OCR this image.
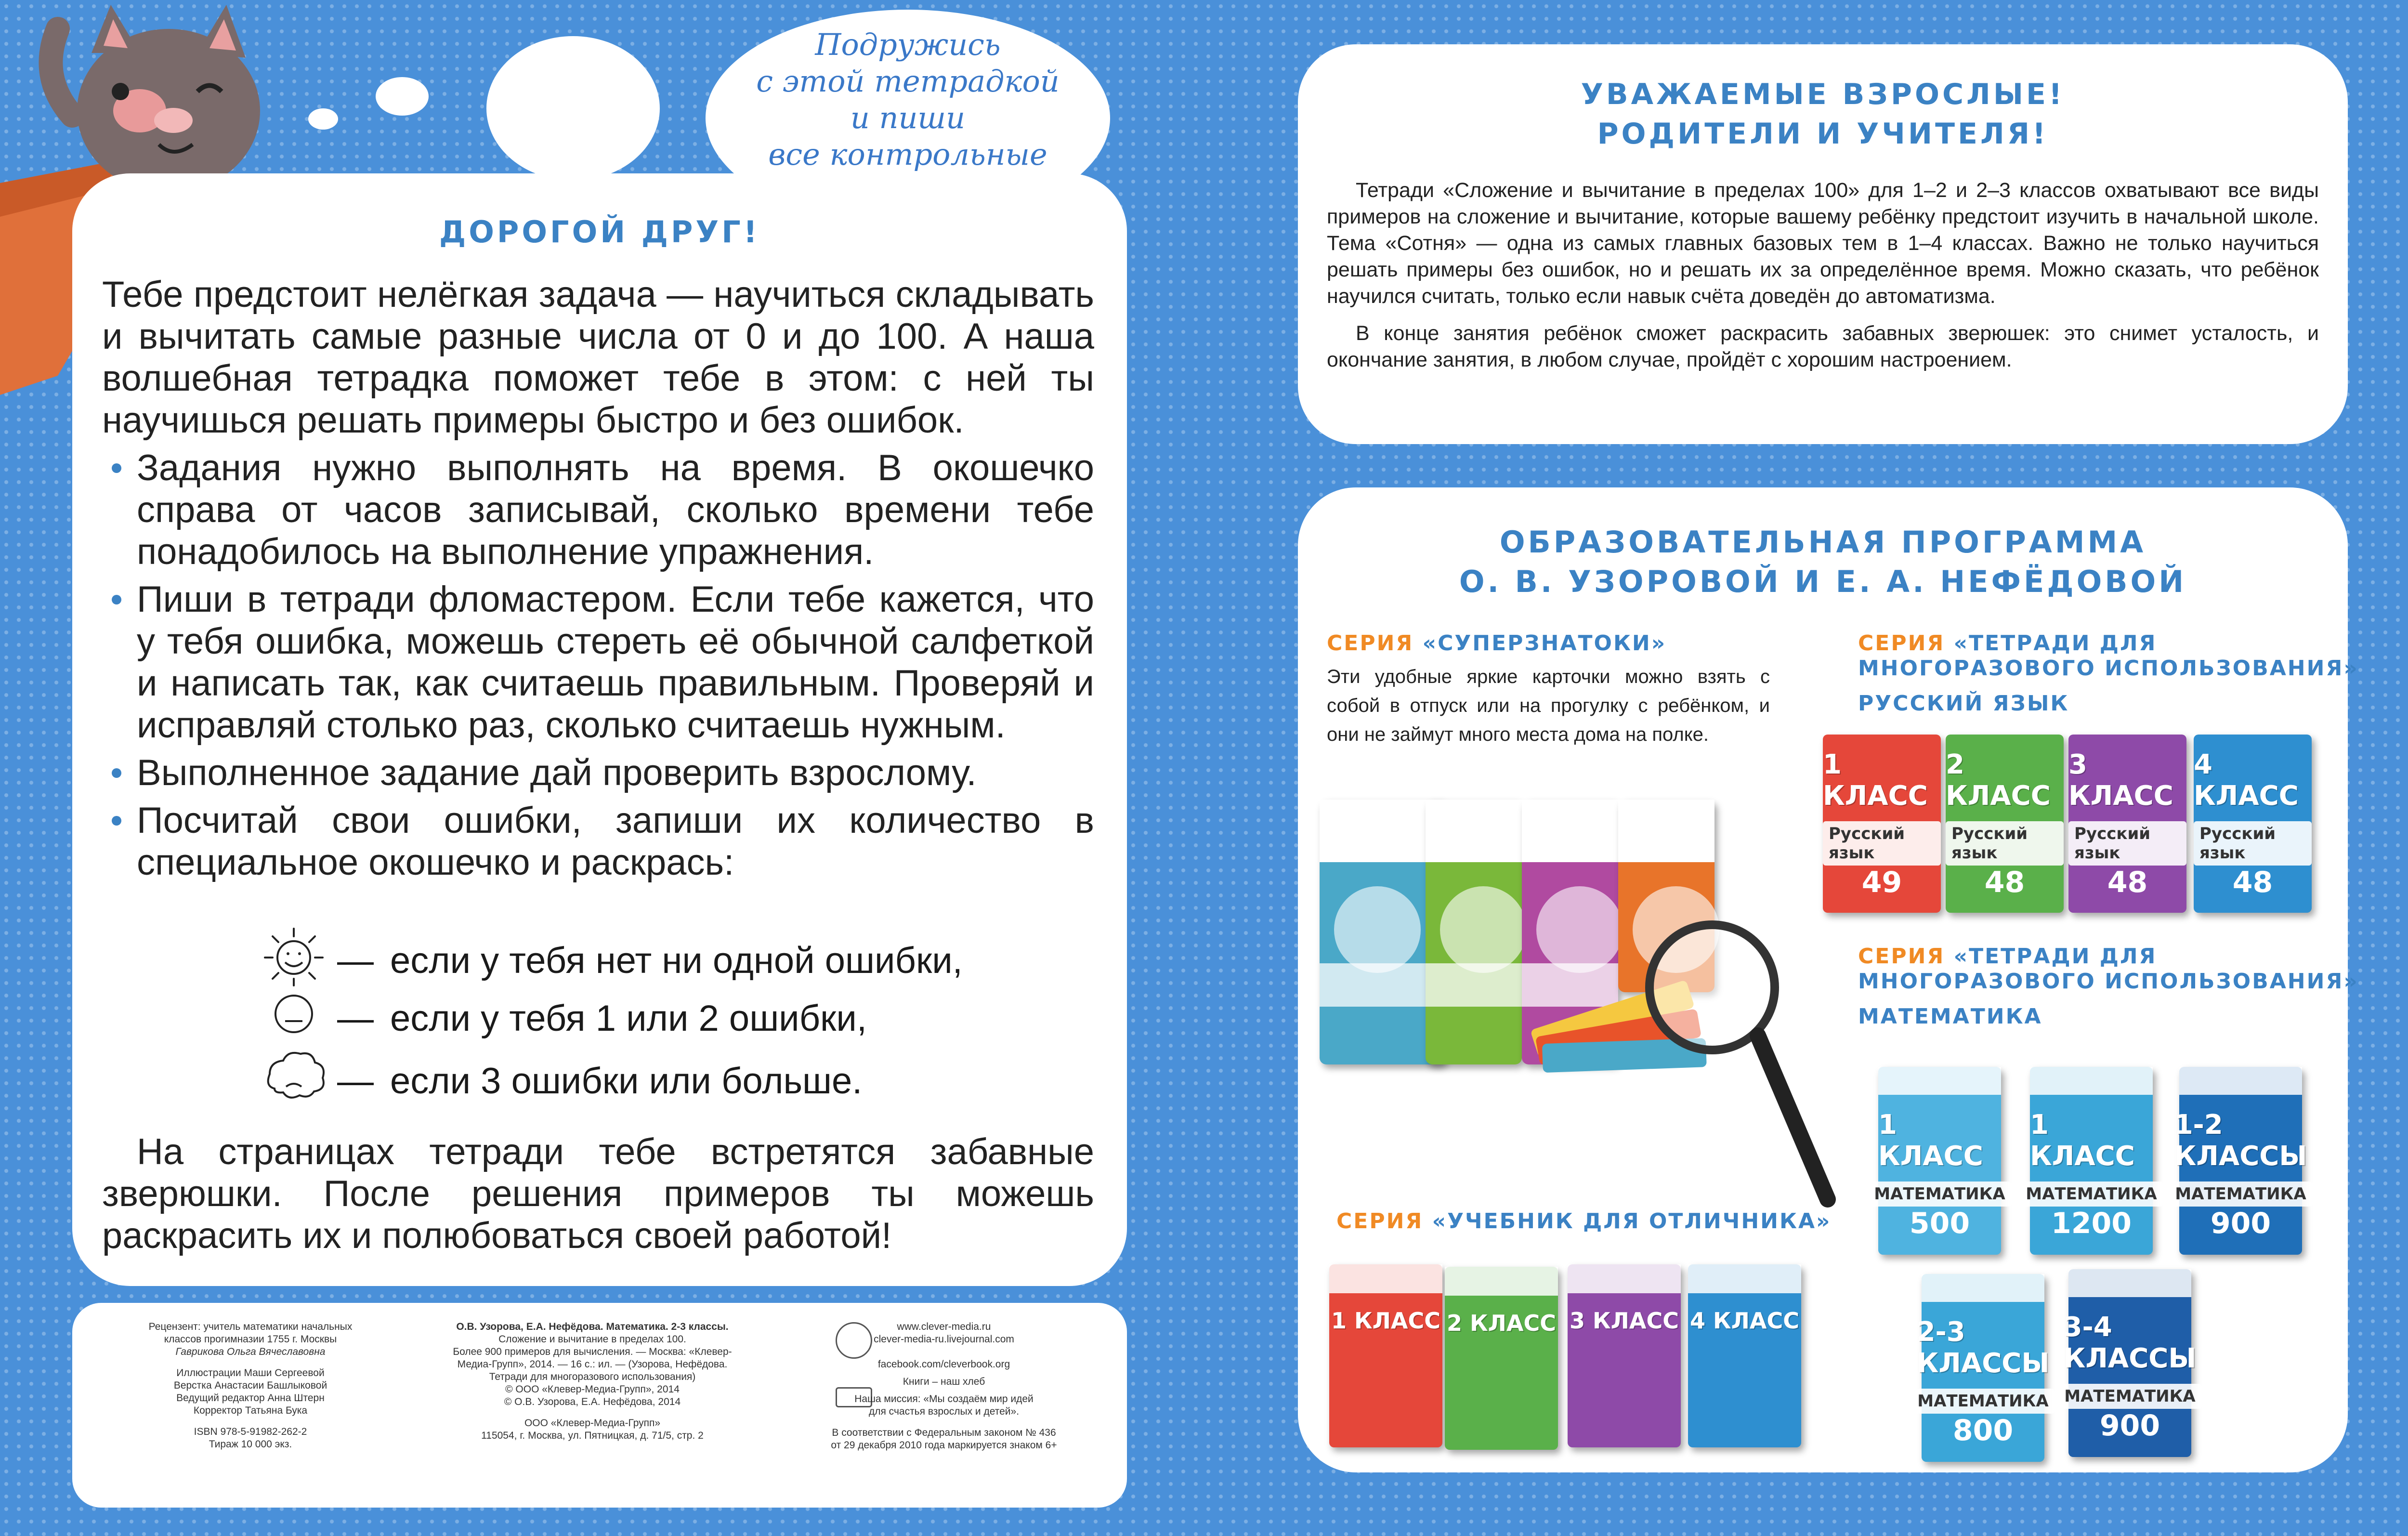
Подружись
с этой тетрадкой
и пиши
все контрольные
ДОРОГОЙ ДРУГ!

Тебе предстоит нелёгкая задача — научиться складывать и вычитать самые разные числа от 0 и до 100. А наша волшебная тетрадка поможет тебе в этом: с ней ты научишься решать примеры быстро и без ошибок.

Задания нужно выполнять на время. В окошечко справа от часов записывай, сколько времени тебе понадобилось на выполнение упражнения.

Пиши в тетради фломастером. Если тебе кажется, что у тебя ошибка, можешь стереть её обычной салфеткой и написать так, как считаешь правильным. Проверяй и исправляй столько раз, сколько считаешь нужным.

Выполненное задание дай проверить взрослому.

Посчитай свои ошибки, запиши их количество в специальное окошечко и раскрась:

— если у тебя нет ни одной ошибки,
— если у тебя 1 или 2 ошибки,
— если 3 ошибки или больше.

На страницах тетради тебе встретятся забавные зверюшки. После решения примеров ты можешь раскрасить их и полюбоваться своей работой!

Рецензент: учитель математики начальных
классов прогимназии 1755 г. Москвы
Гаврикова Ольга Вячеславовна
Иллюстрации Маши Сергеевой
Верстка Анастасии Башлыковой
Ведущий редактор Анна Штерн
Корректор Татьяна Бука
ISBN 978-5-91982-262-2
Тираж 10 000 экз.
О.В. Узорова, Е.А. Нефёдова. Математика. 2-3 классы.
Сложение и вычитание в пределах 100.
Более 900 примеров для вычисления. — Москва: «Клевер-
Медиа-Групп», 2014. — 16 с.: ил. — (Узорова, Нефёдова.
Тетради для многоразового использования)
© ООО «Клевер-Медиа-Групп», 2014
© О.В. Узорова, Е.А. Нефёдова, 2014
ООО «Клевер-Медиа-Групп»
115054, г. Москва, ул. Пятницкая, д. 71/5, стр. 2
www.clever-media.ru
clever-media-ru.livejournal.com
facebook.com/cleverbook.org
Книги – наш хлеб
Наша миссия: «Мы создаём мир идей
для счастья взрослых и детей».
В соответствии с Федеральным законом № 436
от 29 декабря 2010 года маркируется знаком 6+
УВАЖАЕМЫЕ ВЗРОСЛЫЕ!
РОДИТЕЛИ И УЧИТЕЛЯ!

Тетради «Сложение и вычитание в пределах 100» для 1–2 и 2–3 классов охватывают все виды примеров на сложение и вычитание, которые вашему ребёнку предстоит изучить в начальной школе. Тема «Сотня» — одна из самых главных базовых тем в 1–4 классах. Важно не только научиться решать примеры без ошибок, но и решать их за определённое время. Можно сказать, что ребёнок научился считать, только если навык счёта доведён до автоматизма.

В конце занятия ребёнок сможет раскрасить забавных зверюшек: это снимет усталость, и окончание занятия, в любом случае, пройдёт с хорошим настроением.

ОБРАЗОВАТЕЛЬНАЯ ПРОГРАММА
О. В. УЗОРОВОЙ И Е. А. НЕФЁДОВОЙ
СЕРИЯ «СУПЕРЗНАТОКИ»
Эти удобные яркие карточки можно взять с собой в отпуск или на прогулку с ребёнком, и они не займут много места дома на полке.
СЕРИЯ «ТЕТРАДИ ДЛЯ
МНОГОРАЗОВОГО ИСПОЛЬЗОВАНИЯ»
РУССКИЙ ЯЗЫК
1 КЛАСС
Русский язык
49
2 КЛАСС
Русский язык
48
3 КЛАСС
Русский язык
48
4 КЛАСС
Русский язык
48
СЕРИЯ «ТЕТРАДИ ДЛЯ
МНОГОРАЗОВОГО ИСПОЛЬЗОВАНИЯ»
МАТЕМАТИКА
1 КЛАСС
МАТЕМАТИКА
500
1 КЛАСС
МАТЕМАТИКА
1200
1-2 КЛАССЫ
МАТЕМАТИКА
900
2-3 КЛАССЫ
МАТЕМАТИКА
800
3-4 КЛАССЫ
МАТЕМАТИКА
900
СЕРИЯ «УЧЕБНИК ДЛЯ ОТЛИЧНИКА»
1 КЛАСС 2 КЛАСС 3 КЛАСС 4 КЛАСС
